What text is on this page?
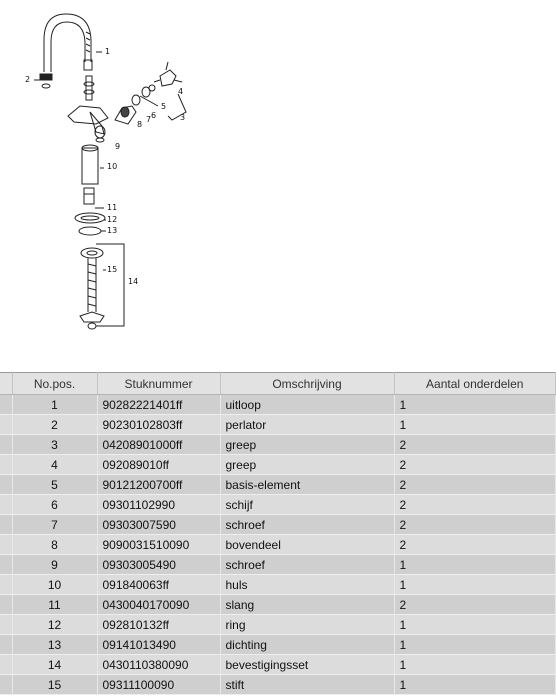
1
2
3
4
5
6
7
8
9
10
11
12
13
15
14
	No.pos.	Stuknummer	Omschrijving	Aantal onderdelen
	1	90282221401ff	uitloop	1
	2	90230102803ff	perlator	1
	3	04208901000ff	greep	2
	4	092089010ff	greep	2
	5	90121200700ff	basis-element	2
	6	09301102990	schijf	2
	7	09303007590	schroef	2
	8	9090031510090	bovendeel	2
	9	09303005490	schroef	1
	10	091840063ff	huls	1
	11	0430040170090	slang	2
	12	092810132ff	ring	1
	13	09141013490	dichting	1
	14	0430110380090	bevestigingsset	1
	15	09311100090	stift	1
